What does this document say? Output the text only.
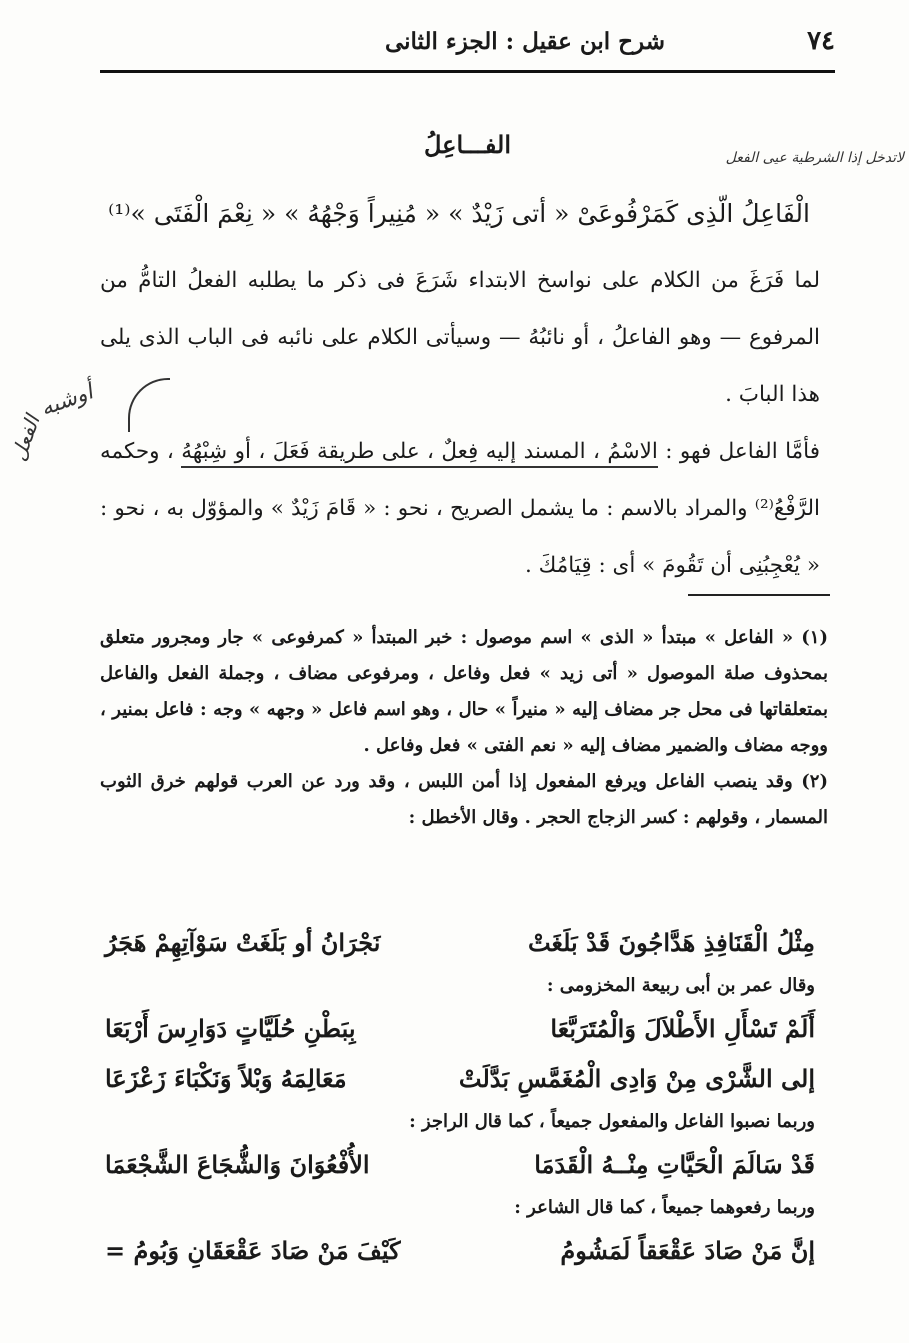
٧٤
شرح ابن عقيل : الجزء الثانى
لاتدخل إذا الشرطية عيى الفعل
أوشبه
الفعل
الفـــاعِلُ
الْفَاعِلُ الّذِى كَمَرْفُوعَىْ « أتى زَيْدٌ » « مُنِيراً وَجْهُهُ » « نِعْمَ الْفَتَى »⁽¹⁾

لما فَرَغَ من الكلام على نواسخ الابتداء شَرَعَ فى ذكر ما يطلبه الفعلُ التامُّ من المرفوع — وهو الفاعلُ ، أو نائبُهُ — وسيأتى الكلام على نائبه فى الباب الذى يلى هذا البابَ .

فأمَّا الفاعل فهو : الاسْمُ ، المسند إليه فِعلٌ ، على طريقة فَعَلَ ، أو شِبْهُهُ ، وحكمه الرَّفْعُ⁽²⁾ والمراد بالاسم : ما يشمل الصريح ، نحو : « قَامَ زَيْدٌ » والمؤوّل به ، نحو : « يُعْجِبُنِى أن تَقُومَ » أى : قِيَامُكَ .

(١) « الفاعل » مبتدأ « الذى » اسم موصول : خبر المبتدأ « كمرفوعى » جار ومجرور متعلق بمحذوف صلة الموصول « أتى زيد » فعل وفاعل ، ومرفوعى مضاف ، وجملة الفعل والفاعل بمتعلقاتها فى محل جر مضاف إليه « منيراً » حال ، وهو اسم فاعل « وجهه » وجه : فاعل بمنير ، ووجه مضاف والضمير مضاف إليه « نعم الفتى » فعل وفاعل .

(٢) وقد ينصب الفاعل ويرفع المفعول إذا أمن اللبس ، وقد ورد عن العرب قولهم خرق الثوب المسمار ، وقولهم : كسر الزجاج الحجر . وقال الأخطل :

مِثْلُ الْقَنَافِذِ هَدَّاجُونَ قَدْ بَلَغَتْ
نَجْرَانُ أو بَلَغَتْ سَوْآتِهِمْ هَجَرُ
وقال عمر بن أبى ربيعة المخزومى :
أَلَمْ تَسْأَلِ الأَطْلاَلَ وَالْمُتَرَبَّعَا
بِبَطْنِ حُلَيَّاتٍ دَوَارِسَ أَرْبَعَا
إلى الشَّرْى مِنْ وَادِى الْمُغَمَّسِ بَدَّلَتْ
مَعَالِمَهُ وَبْلاً وَنَكْبَاءَ زَعْزَعَا
وربما نصبوا الفاعل والمفعول جميعاً ، كما قال الراجز :
قَدْ سَالَمَ الْحَيَّاتِ مِنْــهُ الْقَدَمَا
الأُفْعُوَانَ وَالشُّجَاعَ الشَّجْعَمَا
وربما رفعوهما جميعاً ، كما قال الشاعر :
إنَّ مَنْ صَادَ عَقْعَقاً لَمَشُومُ
كَيْفَ مَنْ صَادَ عَقْعَقَانِ وَبُومُ =
